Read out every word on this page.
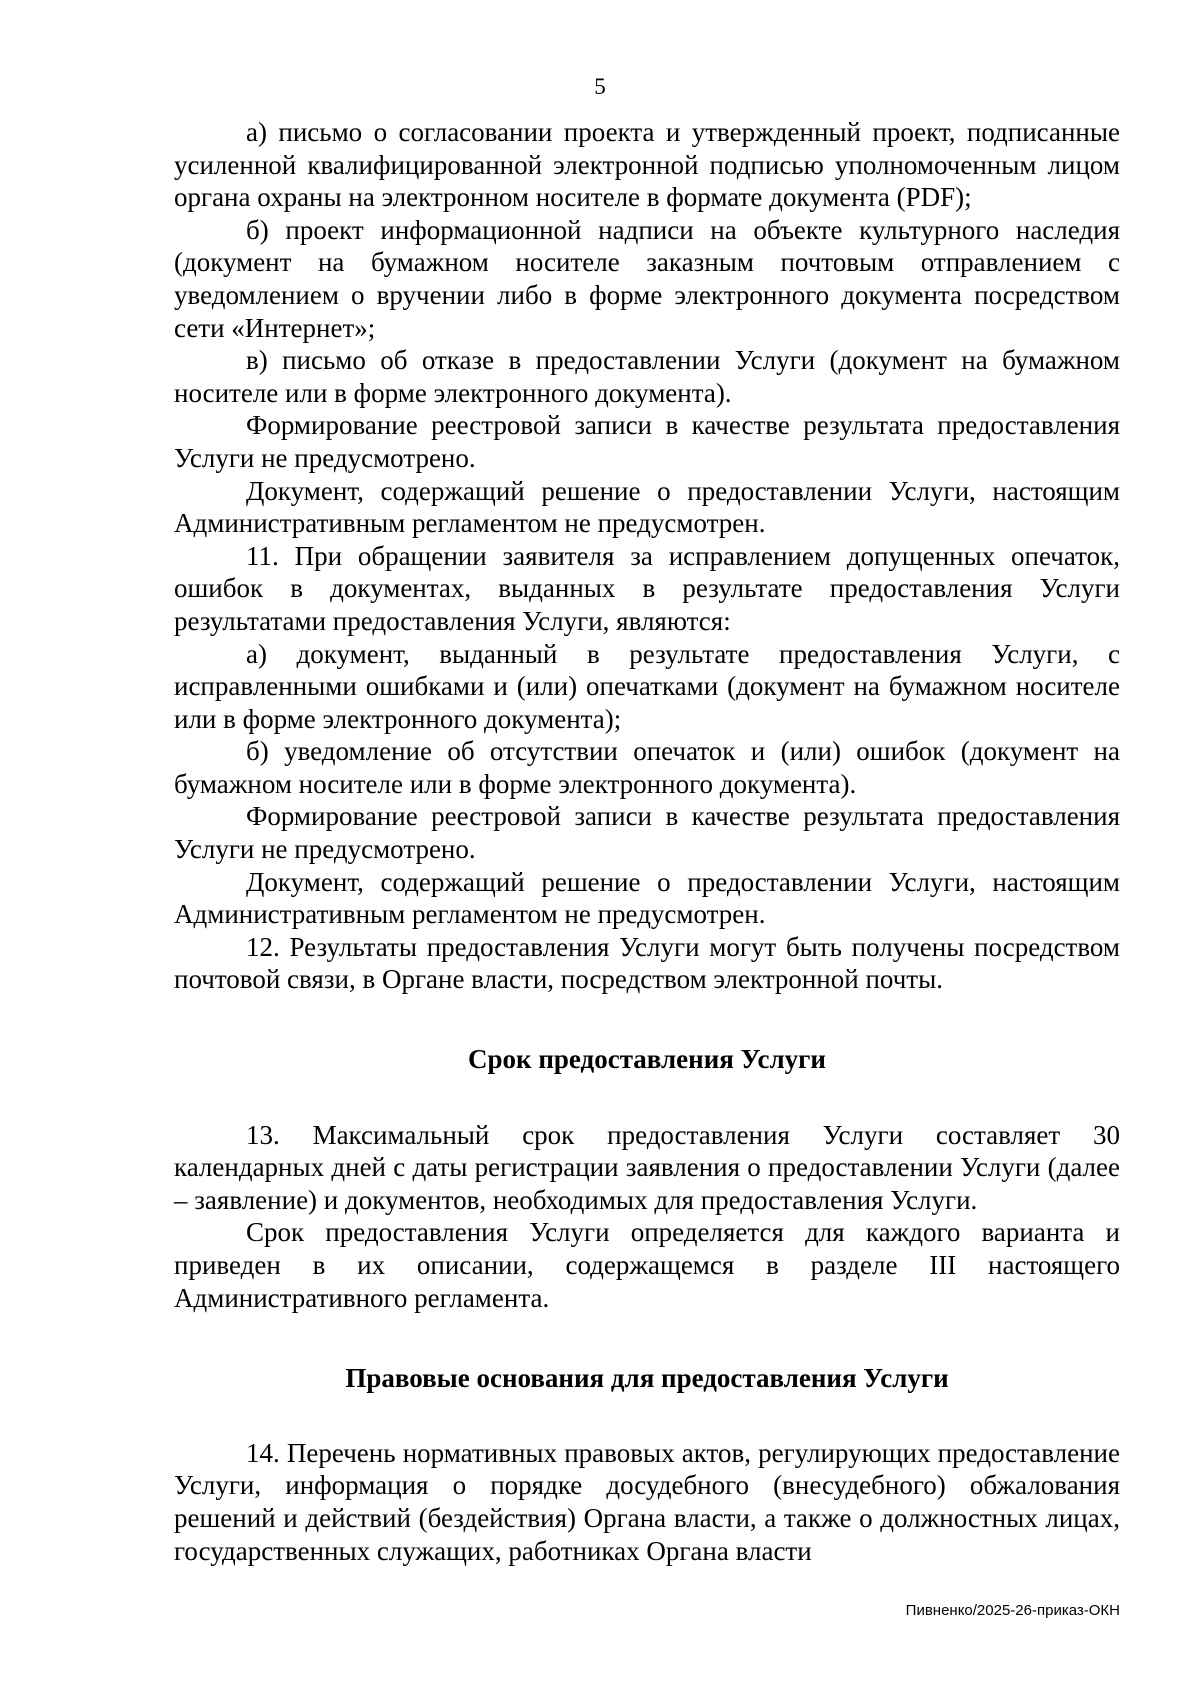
5

а) письмо о согласовании проекта и утвержденный проект, подписанные усиленной квалифицированной электронной подписью уполномоченным лицом органа охраны на электронном носителе в формате документа (PDF);

б) проект информационной надписи на объекте культурного наследия (документ на бумажном носителе заказным почтовым отправлением с уведомлением о вручении либо в форме электронного документа посредством сети «Интернет»;

в) письмо об отказе в предоставлении Услуги (документ на бумажном носителе или в форме электронного документа).

Формирование реестровой записи в качестве результата предоставления Услуги не предусмотрено.

Документ, содержащий решение о предоставлении Услуги, настоящим Административным регламентом не предусмотрен.

11. При обращении заявителя за исправлением допущенных опечаток, ошибок в документах, выданных в результате предоставления Услуги результатами предоставления Услуги, являются:

а) документ, выданный в результате предоставления Услуги, с исправленными ошибками и (или) опечатками (документ на бумажном носителе или в форме электронного документа);

б) уведомление об отсутствии опечаток и (или) ошибок (документ на бумажном носителе или в форме электронного документа).

Формирование реестровой записи в качестве результата предоставления Услуги не предусмотрено.

Документ, содержащий решение о предоставлении Услуги, настоящим Административным регламентом не предусмотрен.

12. Результаты предоставления Услуги могут быть получены посредством почтовой связи, в Органе власти, посредством электронной почты.

Срок предоставления Услуги

13. Максимальный срок предоставления Услуги составляет 30 календарных дней с даты регистрации заявления о предоставлении Услуги (далее – заявление) и документов, необходимых для предоставления Услуги.

Срок предоставления Услуги определяется для каждого варианта и приведен в их описании, содержащемся в разделе III настоящего Административного регламента.

Правовые основания для предоставления Услуги

14. Перечень нормативных правовых актов, регулирующих предоставление Услуги, информация о порядке досудебного (внесудебного) обжалования решений и действий (бездействия) Органа власти, а также о должностных лицах, государственных служащих, работниках Органа власти

Пивненко/2025-26-приказ-ОКН
